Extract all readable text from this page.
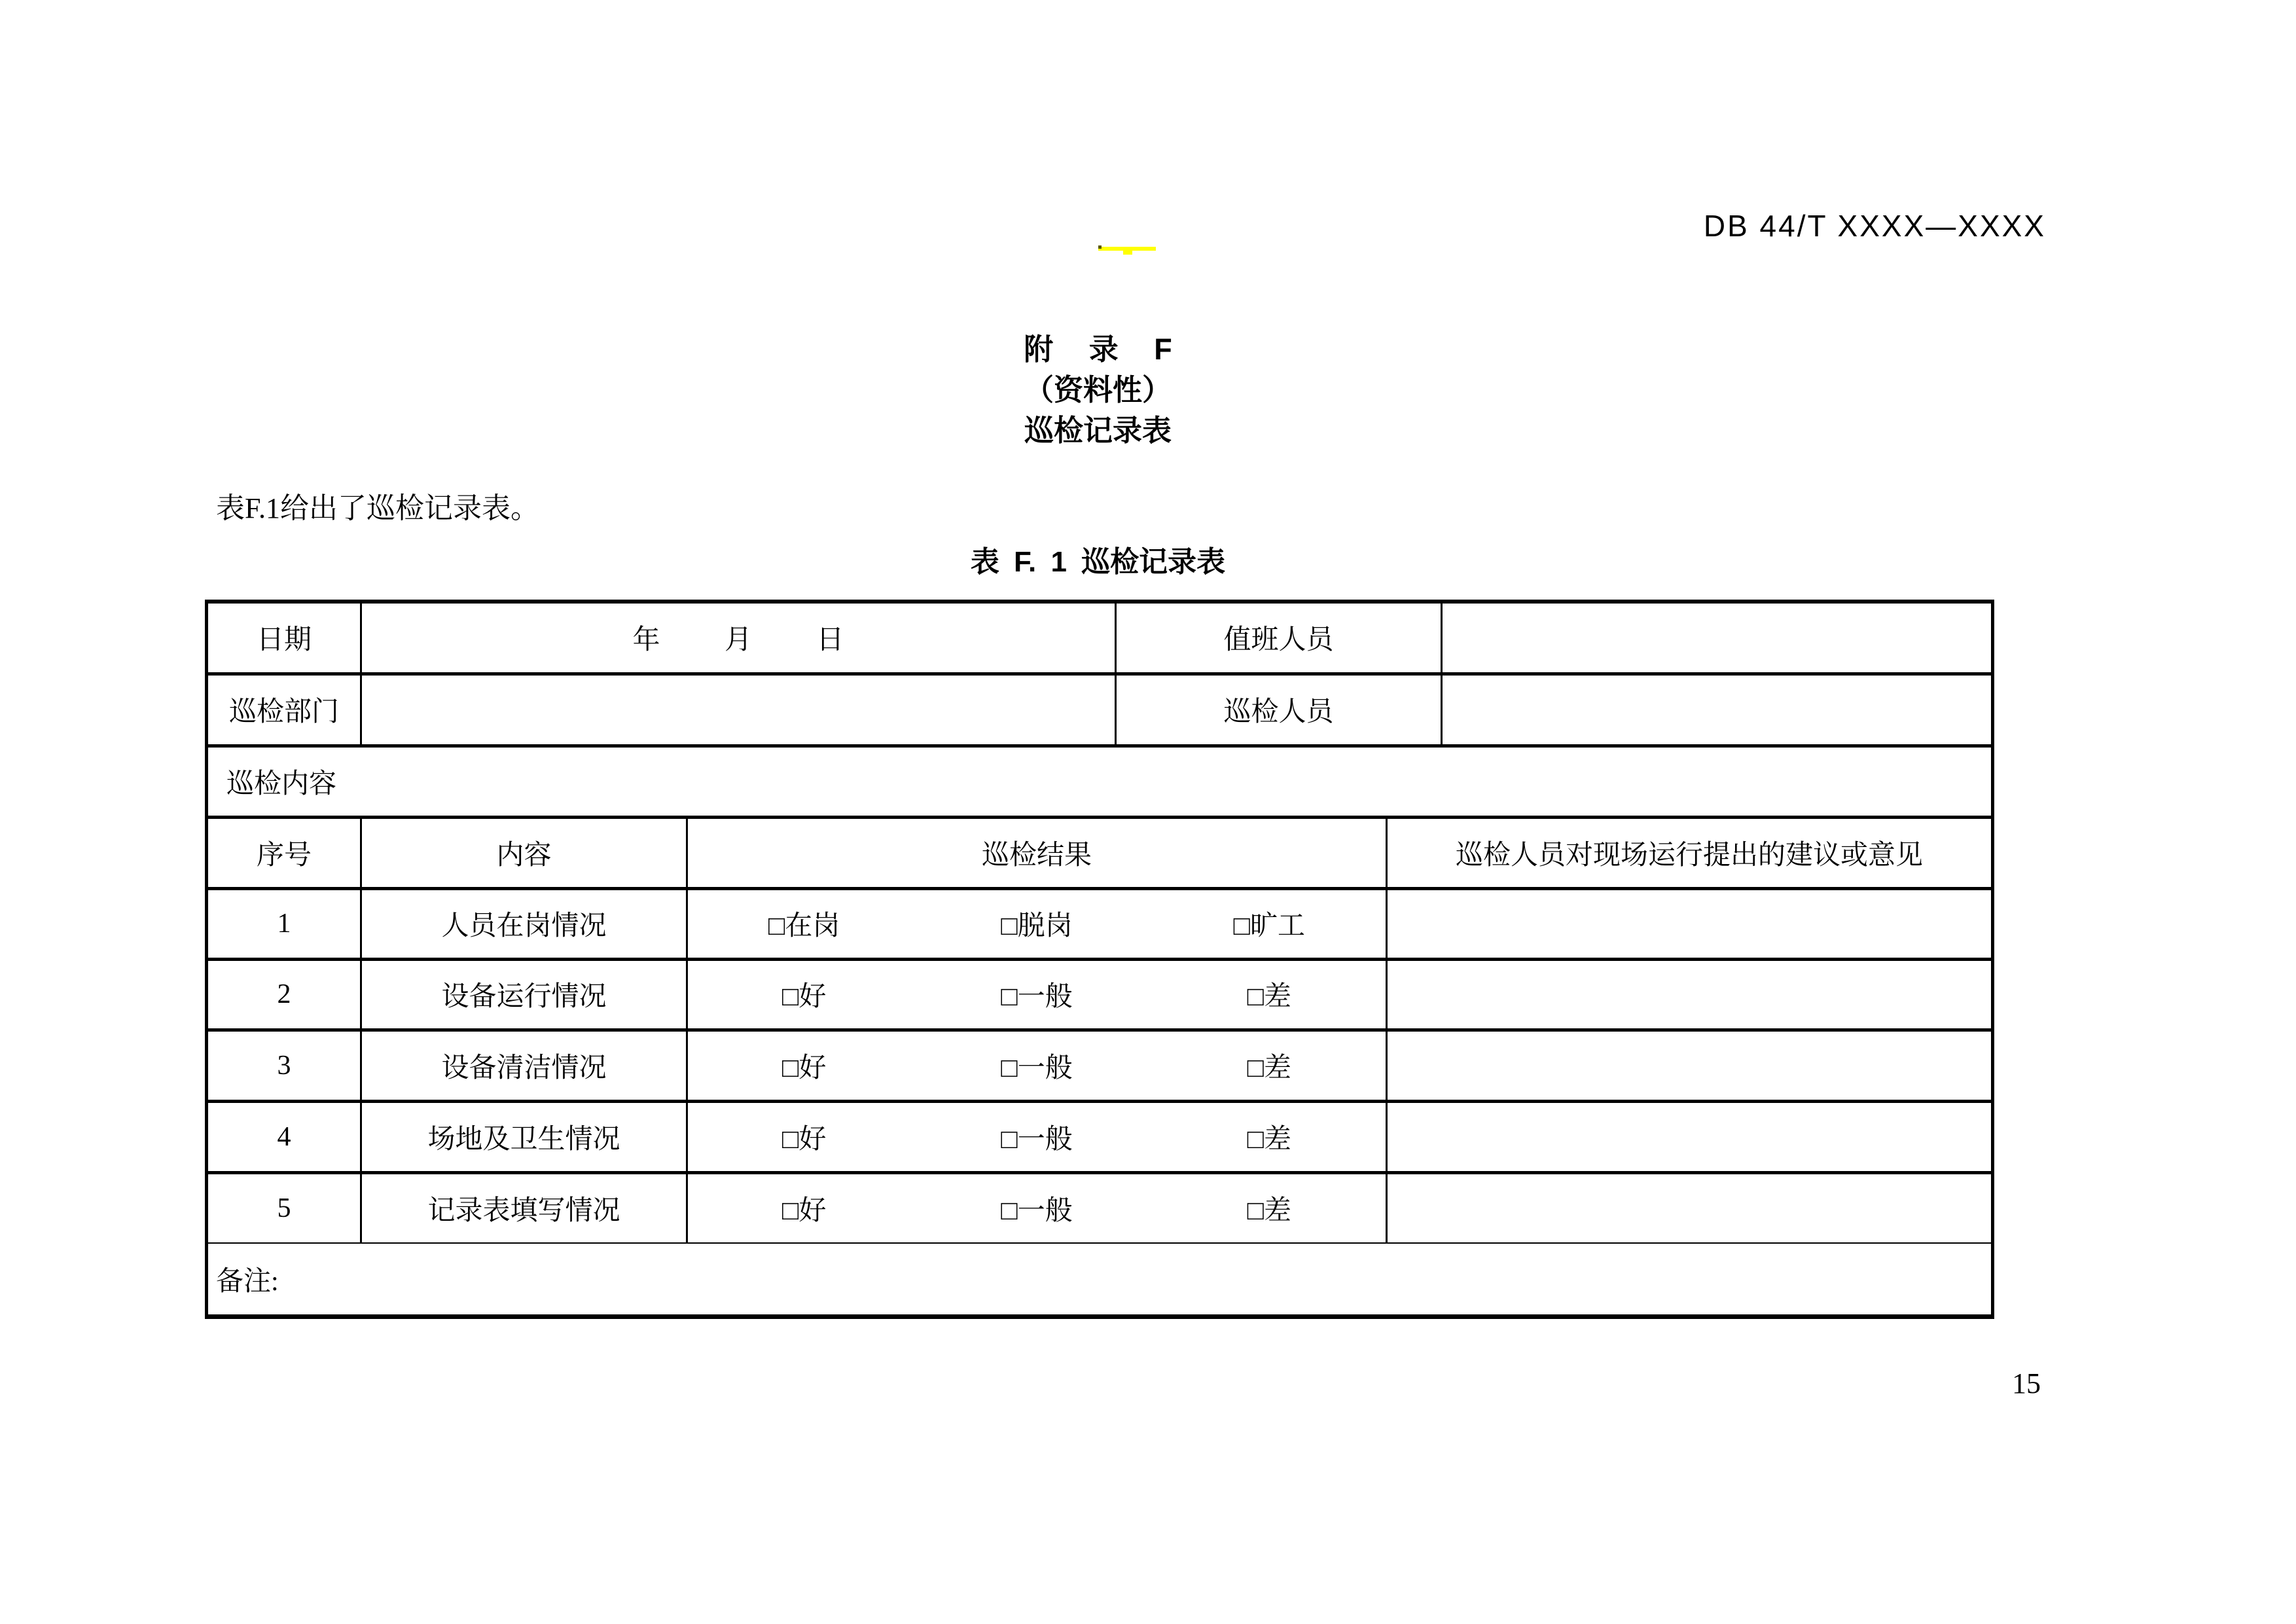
DB 44/T XXXX—XXXX
附 录 F
（资料性）
巡检记录表
表F.1给出了巡检记录表。
表 F. 1 巡检记录表
日期	年 月 日		值班人员		
巡检部门			巡检人员		
巡检内容					
序号	内容	巡检结果		巡检人员对现场运行提出的建议或意见	
1	人员在岗情况	□在岗 □脱岗 □旷工			

2	设备运行情况	□好 □一般 □差			

3	设备清洁情况	□好 □一般 □差			

4	场地及卫生情况	□好 □一般 □差			

5	记录表填写情况	□好 □一般 □差			

备注:					
15
